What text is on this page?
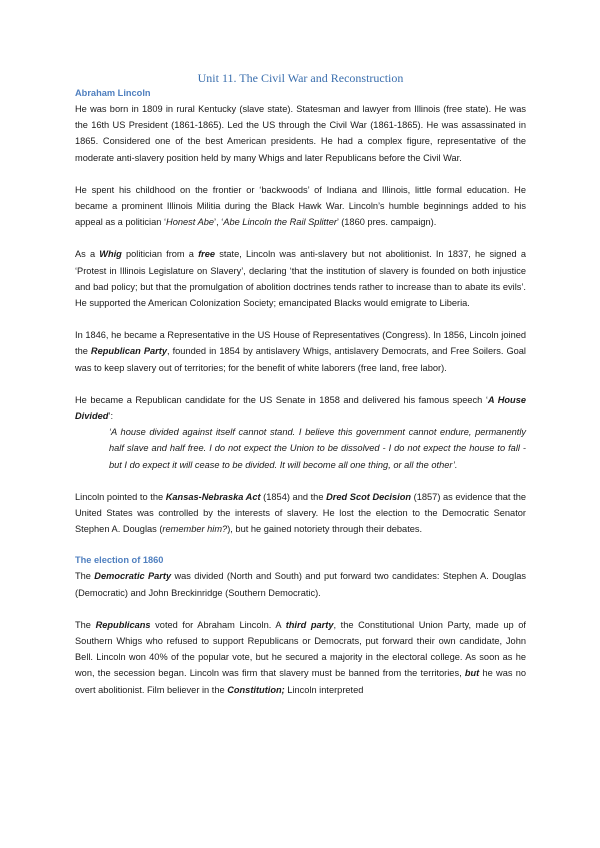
Unit 11. The Civil War and Reconstruction
Abraham Lincoln

He was born in 1809 in rural Kentucky (slave state). Statesman and lawyer from Illinois (free state). He was the 16th US President (1861-1865). Led the US through the Civil War (1861-1865). He was assassinated in 1865. Considered one of the best American presidents. He had a complex figure, representative of the moderate anti-slavery position held by many Whigs and later Republicans before the Civil War.

He spent his childhood on the frontier or ‘backwoods’ of Indiana and Illinois, little formal education. He became a prominent Illinois Militia during the Black Hawk War. Lincoln’s humble beginnings added to his appeal as a politician ‘Honest Abe’, ‘Abe Lincoln the Rail Splitter’ (1860 pres. campaign).

As a Whig politician from a free state, Lincoln was anti-slavery but not abolitionist. In 1837, he signed a ‘Protest in Illinois Legislature on Slavery’, declaring ‘that the institution of slavery is founded on both injustice and bad policy; but that the promulgation of abolition doctrines tends rather to increase than to abate its evils’. He supported the American Colonization Society; emancipated Blacks would emigrate to Liberia.

In 1846, he became a Representative in the US House of Representatives (Congress). In 1856, Lincoln joined the Republican Party, founded in 1854 by antislavery Whigs, antislavery Democrats, and Free Soilers. Goal was to keep slavery out of territories; for the benefit of white laborers (free land, free labor).

He became a Republican candidate for the US Senate in 1858 and delivered his famous speech ‘A House Divided’:

‘A house divided against itself cannot stand. I believe this government cannot endure, permanently half slave and half free. I do not expect the Union to be dissolved - I do not expect the house to fall - but I do expect it will cease to be divided. It will become all one thing, or all the other’.

Lincoln pointed to the Kansas-Nebraska Act (1854) and the Dred Scot Decision (1857) as evidence that the United States was controlled by the interests of slavery. He lost the election to the Democratic Senator Stephen A. Douglas (remember him?), but he gained notoriety through their debates.

The election of 1860

The Democratic Party was divided (North and South) and put forward two candidates: Stephen A. Douglas (Democratic) and John Breckinridge (Southern Democratic).

The Republicans voted for Abraham Lincoln. A third party, the Constitutional Union Party, made up of Southern Whigs who refused to support Republicans or Democrats, put forward their own candidate, John Bell. Lincoln won 40% of the popular vote, but he secured a majority in the electoral college. As soon as he won, the secession began. Lincoln was firm that slavery must be banned from the territories, but he was no overt abolitionist. Film believer in the Constitution; Lincoln interpreted
